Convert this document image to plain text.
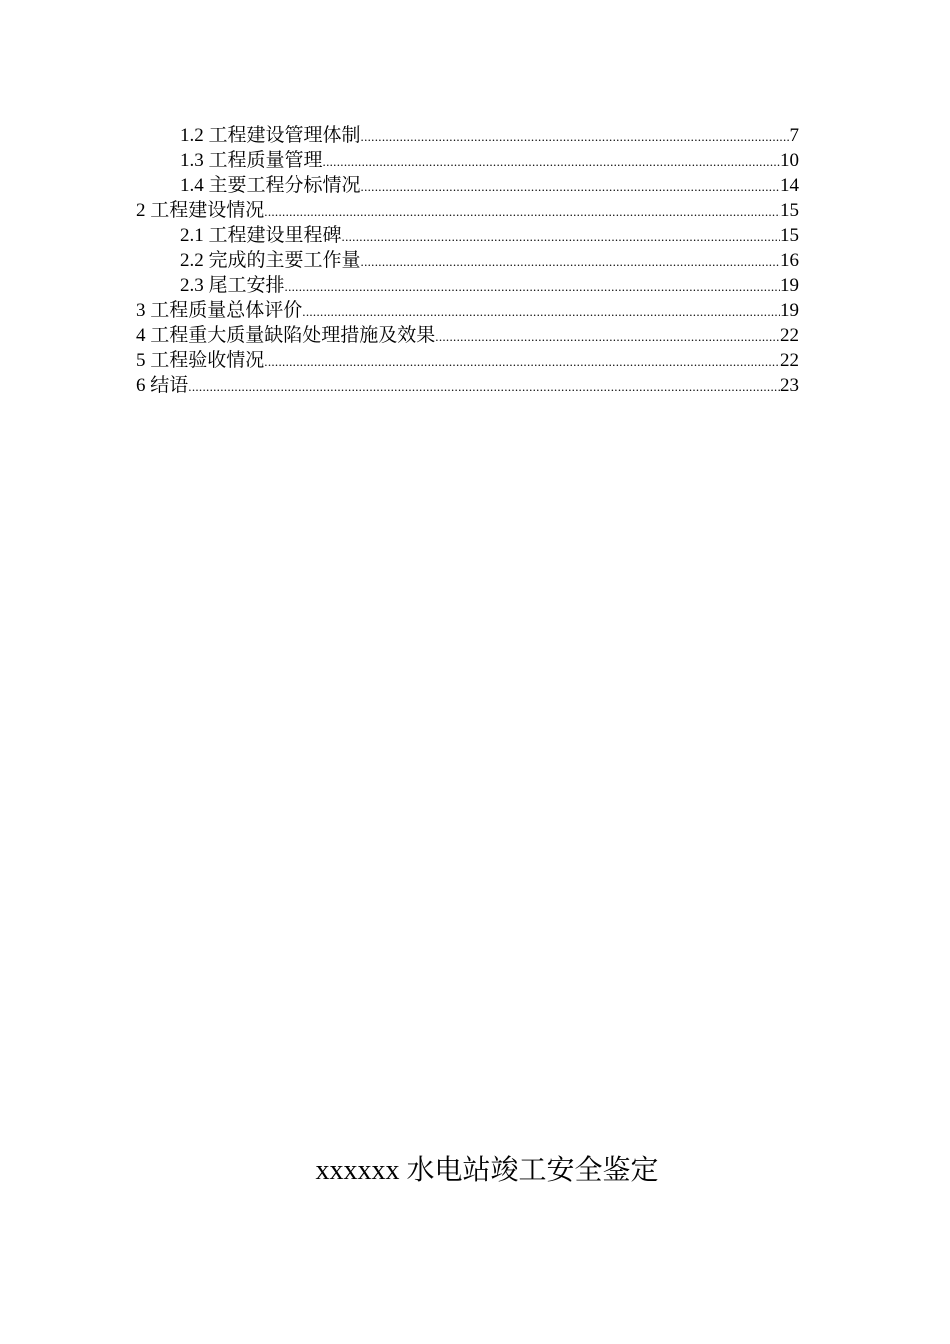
1.2 工程建设管理体制 .....	7
1.3 工程质量管理 .....	10
1.4 主要工程分标情况 .....	14
2 工程建设情况 .....	15
2.1 工程建设里程碑 .....	15
2.2 完成的主要工作量 .....	16
2.3 尾工安排 .....	19
3 工程质量总体评价 .....	19
4 工程重大质量缺陷处理措施及效果 .....	22
5 工程验收情况 .....	22
6 结语 .....	23
xxxxxx 水电站竣工安全鉴定
